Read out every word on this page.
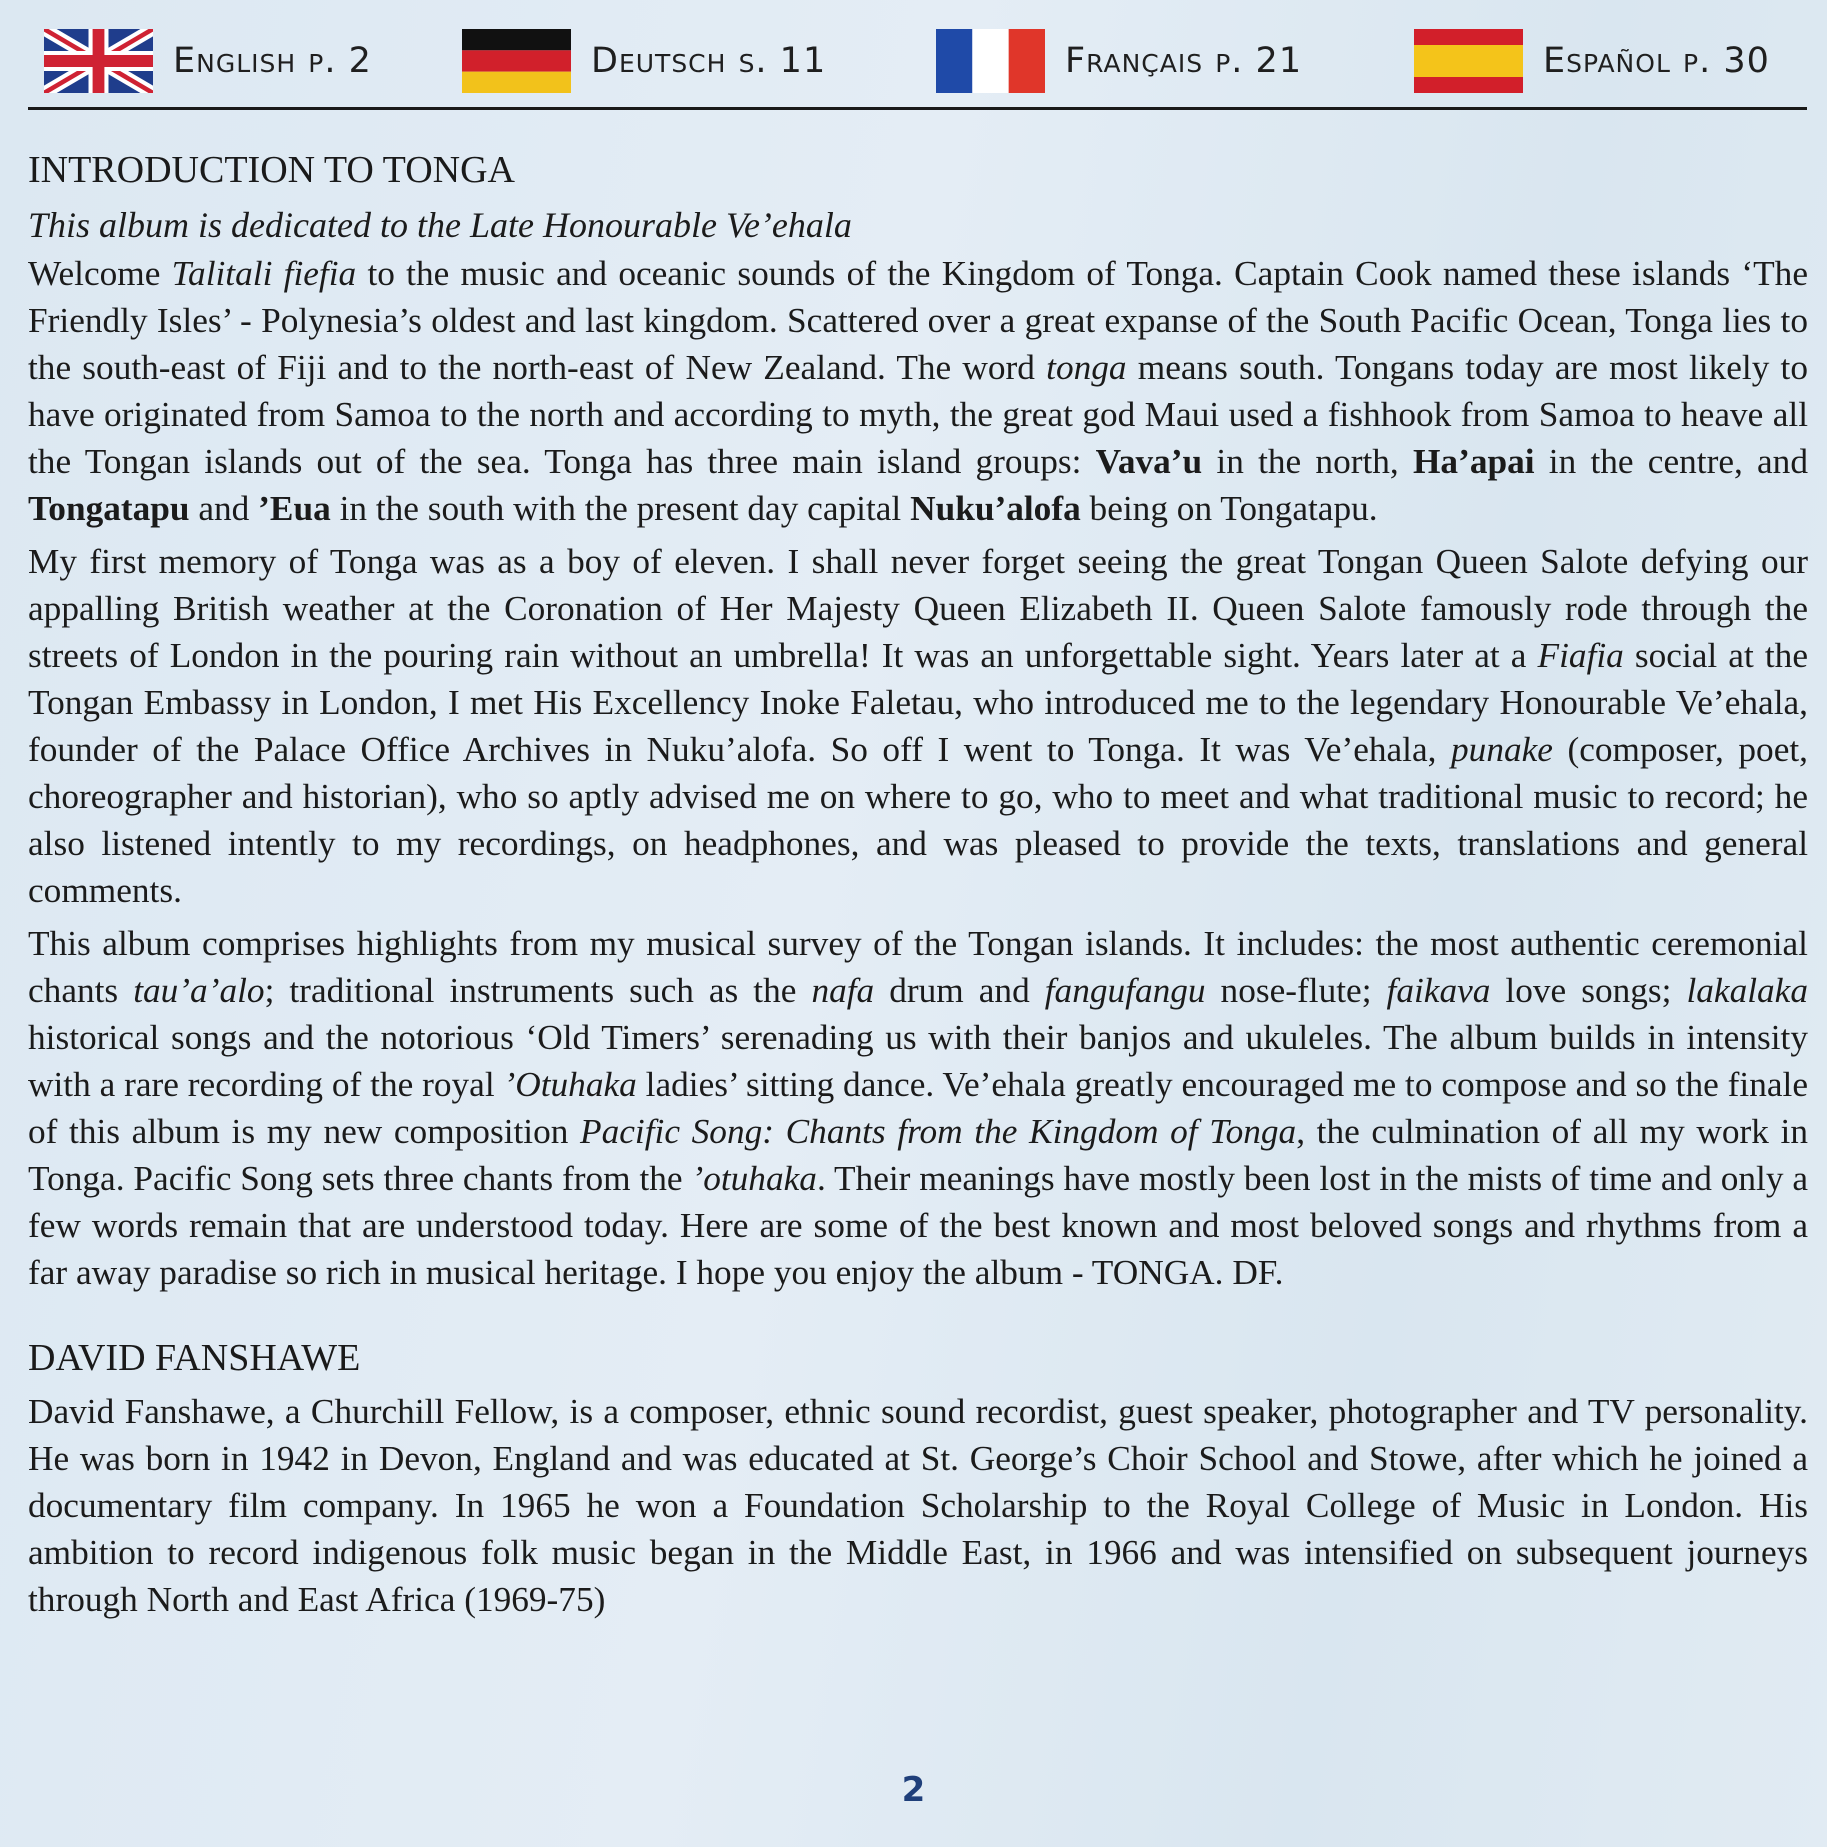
English p. 2	Deutsch s. 11	Français p. 21	Español p. 30
INTRODUCTION TO TONGA
This album is dedicated to the Late Honourable Ve’ehala

Welcome Talitali fiefia to the music and oceanic sounds of the Kingdom of Tonga. Captain Cook named these islands ‘The Friendly Isles’ - Polynesia’s oldest and last kingdom. Scattered over a great expanse of the South Pacific Ocean, Tonga lies to the south-east of Fiji and to the north-east of New Zealand. The word tonga means south. Tongans today are most likely to have originated from Samoa to the north and according to myth, the great god Maui used a fishhook from Samoa to heave all the Tongan islands out of the sea. Tonga has three main island groups: Vava’u in the north, Ha’apai in the centre, and Tongatapu and ’Eua in the south with the present day capital Nuku’alofa being on Tongatapu.

My first memory of Tonga was as a boy of eleven. I shall never forget seeing the great Tongan Queen Salote defying our appalling British weather at the Coronation of Her Majesty Queen Elizabeth II. Queen Salote famously rode through the streets of London in the pouring rain without an umbrella! It was an unforgettable sight. Years later at a Fiafia social at the Tongan Embassy in London, I met His Excellency Inoke Faletau, who introduced me to the legendary Honourable Ve’ehala, founder of the Palace Office Archives in Nuku’alofa. So off I went to Tonga. It was Ve’ehala, punake (composer, poet, choreographer and historian), who so aptly advised me on where to go, who to meet and what traditional music to record; he also listened intently to my recordings, on headphones, and was pleased to provide the texts, translations and general comments.

This album comprises highlights from my musical survey of the Tongan islands. It includes: the most authentic ceremonial chants tau’a’alo; traditional instruments such as the nafa drum and fangufangu nose-flute; faikava love songs; lakalaka historical songs and the notorious ‘Old Timers’ serenading us with their banjos and ukuleles. The album builds in intensity with a rare recording of the royal ’Otuhaka ladies’ sitting dance. Ve’ehala greatly encouraged me to compose and so the finale of this album is my new composition Pacific Song: Chants from the Kingdom of Tonga, the culmination of all my work in Tonga. Pacific Song sets three chants from the ’otuhaka. Their meanings have mostly been lost in the mists of time and only a few words remain that are understood today. Here are some of the best known and most beloved songs and rhythms from a far away paradise so rich in musical heritage. I hope you enjoy the album - TONGA. DF.

DAVID FANSHAWE

David Fanshawe, a Churchill Fellow, is a composer, ethnic sound recordist, guest speaker, photographer and TV personality. He was born in 1942 in Devon, England and was educated at St. George’s Choir School and Stowe, after which he joined a documentary film company. In 1965 he won a Foundation Scholarship to the Royal College of Music in London. His ambition to record indigenous folk music began in the Middle East, in 1966 and was intensified on subsequent journeys through North and East Africa (1969-75)

2
